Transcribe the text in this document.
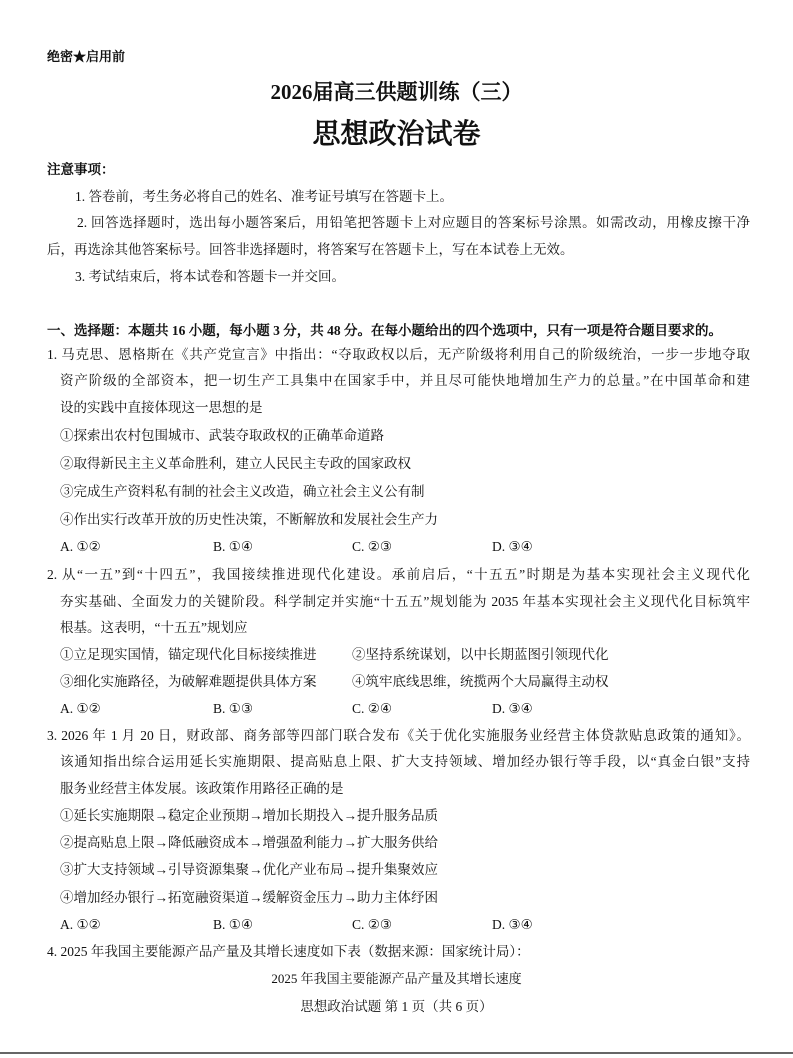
绝密★启用前
2026届高三供题训练（三）
思想政治试卷
注意事项：
1. 答卷前，考生务必将自己的姓名、准考证号填写在答题卡上。
2. 回答选择题时，选出每小题答案后，用铅笔把答题卡上对应题目的答案标号涂黑。如需改动，用橡皮擦干净
后，再选涂其他答案标号。回答非选择题时，将答案写在答题卡上，写在本试卷上无效。
3. 考试结束后，将本试卷和答题卡一并交回。
一、选择题：本题共 16 小题，每小题 3 分，共 48 分。在每小题给出的四个选项中，只有一项是符合题目要求的。
1. 马克思、恩格斯在《共产党宣言》中指出：“夺取政权以后，无产阶级将利用自己的阶级统治，一步一步地夺取
资产阶级的全部资本，把一切生产工具集中在国家手中，并且尽可能快地增加生产力的总量。”在中国革命和建
设的实践中直接体现这一思想的是
①探索出农村包围城市、武装夺取政权的正确革命道路
②取得新民主主义革命胜利，建立人民民主专政的国家政权
③完成生产资料私有制的社会主义改造，确立社会主义公有制
④作出实行改革开放的历史性决策，不断解放和发展社会生产力
A. ①②	B. ①④	C. ②③	D. ③④
2. 从“一五”到“十四五”，我国接续推进现代化建设。承前启后，“十五五”时期是为基本实现社会主义现代化
夯实基础、全面发力的关键阶段。科学制定并实施“十五五”规划能为 2035 年基本实现社会主义现代化目标筑牢
根基。这表明，“十五五”规划应
①立足现实国情，锚定现代化目标接续推进	②坚持系统谋划，以中长期蓝图引领现代化
③细化实施路径，为破解难题提供具体方案	④筑牢底线思维，统揽两个大局赢得主动权
A. ①②	B. ①③	C. ②④	D. ③④
3. 2026 年 1 月 20 日，财政部、商务部等四部门联合发布《关于优化实施服务业经营主体贷款贴息政策的通知》。
该通知指出综合运用延长实施期限、提高贴息上限、扩大支持领域、增加经办银行等手段，以“真金白银”支持
服务业经营主体发展。该政策作用路径正确的是
①延长实施期限→稳定企业预期→增加长期投入→提升服务品质
②提高贴息上限→降低融资成本→增强盈利能力→扩大服务供给
③扩大支持领域→引导资源集聚→优化产业布局→提升集聚效应
④增加经办银行→拓宽融资渠道→缓解资金压力→助力主体纾困
A. ①②	B. ①④	C. ②③	D. ③④
4. 2025 年我国主要能源产品产量及其增长速度如下表（数据来源：国家统计局）：
2025 年我国主要能源产品产量及其增长速度
思想政治试题 第 1 页（共 6 页）
